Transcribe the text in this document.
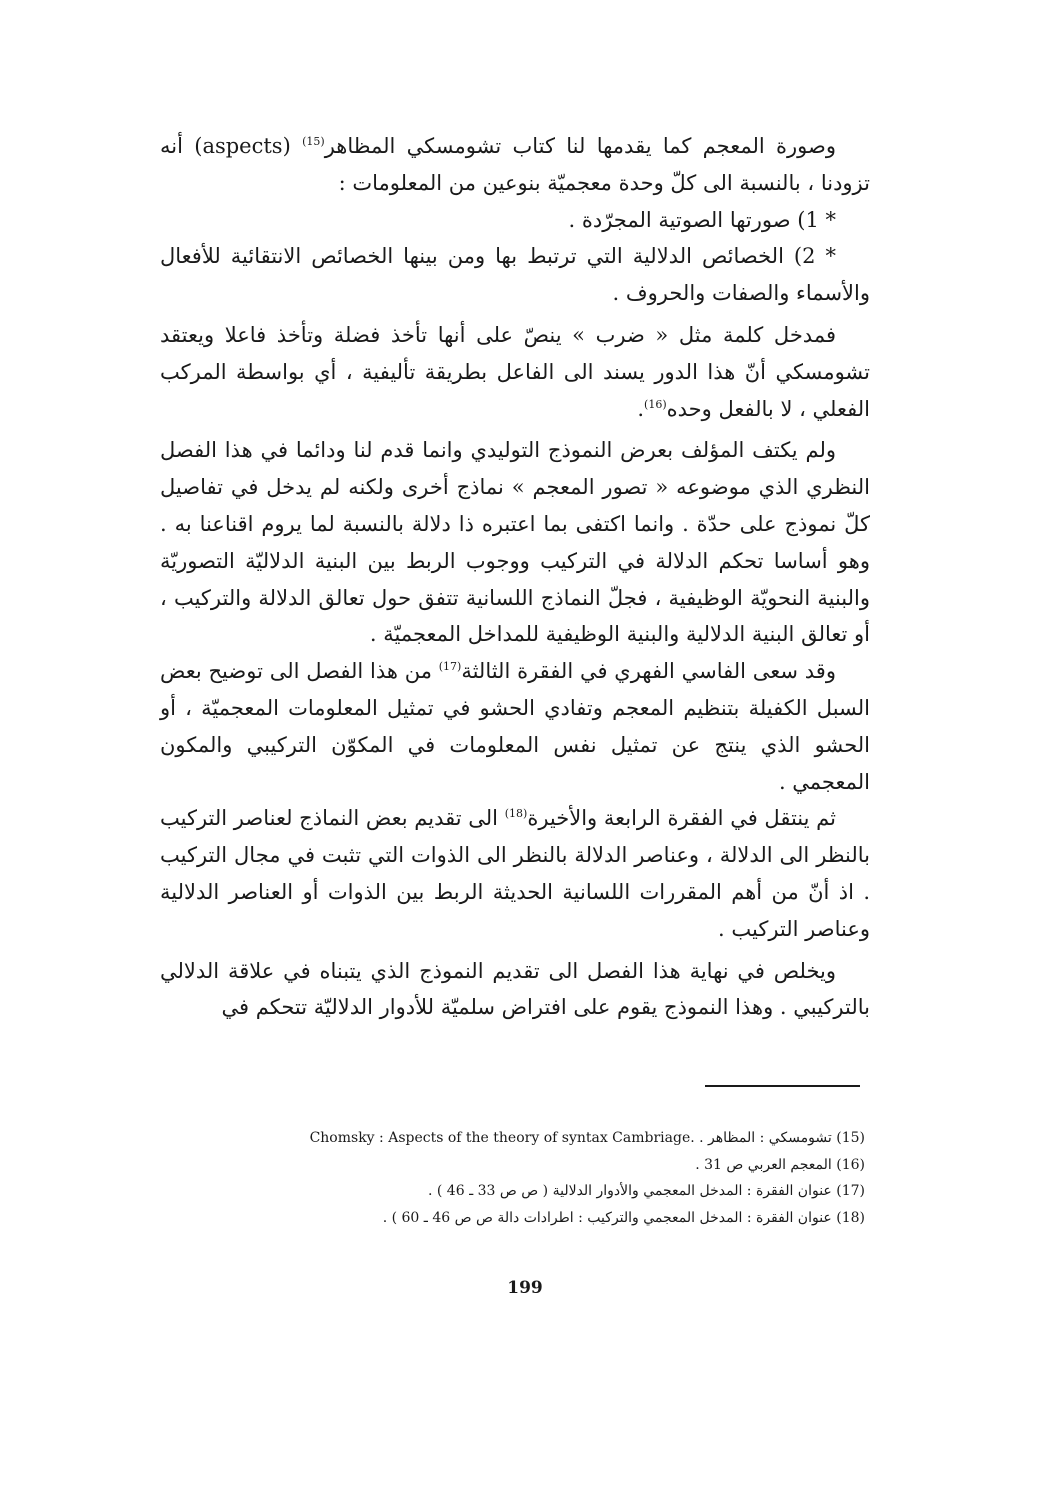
وصورة المعجم كما يقدمها لنا كتاب تشومسكي المظاهر$^{(15)}$ (aspects) أنه تزودنا ، بالنسبة الى كلّ وحدة معجميّة بنوعين من المعلومات :

* 1) صورتها الصوتية المجرّدة .

* 2) الخصائص الدلالية التي ترتبط بها ومن بينها الخصائص الانتقائية للأفعال والأسماء والصفات والحروف .

فمدخل كلمة مثل « ضرب » ينصّ على أنها تأخذ فضلة وتأخذ فاعلا ويعتقد تشومسكي أنّ هذا الدور يسند الى الفاعل بطريقة تأليفية ، أي بواسطة المركب الفعلي ، لا بالفعل وحده$^{(16)}$.

ولم يكتف المؤلف بعرض النموذج التوليدي وانما قدم لنا ودائما في هذا الفصل النظري الذي موضوعه « تصور المعجم » نماذج أخرى ولكنه لم يدخل في تفاصيل كلّ نموذج على حدّة . وانما اكتفى بما اعتبره ذا دلالة بالنسبة لما يروم اقناعنا به . وهو أساسا تحكم الدلالة في التركيب ووجوب الربط بين البنية الدلاليّة التصوريّة والبنية النحويّة الوظيفية ، فجلّ النماذج اللسانية تتفق حول تعالق الدلالة والتركيب ، أو تعالق البنية الدلالية والبنية الوظيفية للمداخل المعجميّة .

وقد سعى الفاسي الفهري في الفقرة الثالثة$^{(17)}$ من هذا الفصل الى توضيح بعض السبل الكفيلة بتنظيم المعجم وتفادي الحشو في تمثيل المعلومات المعجميّة ، أو الحشو الذي ينتج عن تمثيل نفس المعلومات في المكوّن التركيبي والمكون المعجمي .

ثم ينتقل في الفقرة الرابعة والأخيرة$^{(18)}$ الى تقديم بعض النماذج لعناصر التركيب بالنظر الى الدلالة ، وعناصر الدلالة بالنظر الى الذوات التي تثبت في مجال التركيب . اذ أنّ من أهم المقررات اللسانية الحديثة الربط بين الذوات أو العناصر الدلالية وعناصر التركيب .

ويخلص في نهاية هذا الفصل الى تقديم النموذج الذي يتبناه في علاقة الدلالي بالتركيبي . وهذا النموذج يقوم على افتراض سلميّة للأدوار الدلاليّة تتحكم في

(15) تشومسكي : المظاهر . Chomsky : Aspects of the theory of syntax Cambriage.

(16) المعجم العربي ص 31 .

(17) عنوان الفقرة : المدخل المعجمي والأدوار الدلالية ( ص ص 33 ـ 46 ) .

(18) عنوان الفقرة : المدخل المعجمي والتركيب : اطرادات دالة ص ص 46 ـ 60 ) .

199
